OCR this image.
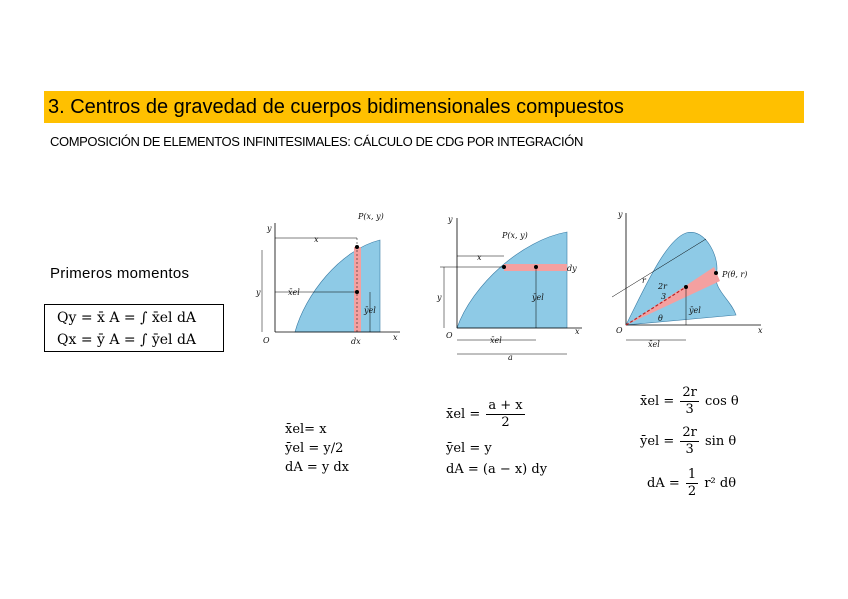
3. Centros de gravedad de cuerpos bidimensionales compuestos
COMPOSICIÓN DE ELEMENTOS INFINITESIMALES: CÁLCULO DE CDG POR INTEGRACIÓN
Primeros momentos
Qy = x̄ A = ∫ x̄el dA
Qx = ȳ A = ∫ ȳel dA
y
x
P(x, y)
x̄el
y
ȳel
O	dx	x
y
P(x, y)
x
dy
y	ȳel
O
x̄el
a
x
y
r
P(θ, r)
2r
3
θ
ȳel
O
x̄el
x
x̄el= x
ȳel = y/2
dA = y dx
x̄el = $\frac{a + x}{2}$
ȳel = y
dA = (a − x) dy
x̄el = $\frac{2r}{3}$ cos θ
ȳel = $\frac{2r}{3}$ sin θ
dA = $\frac{1}{2} r^2$ dθ
